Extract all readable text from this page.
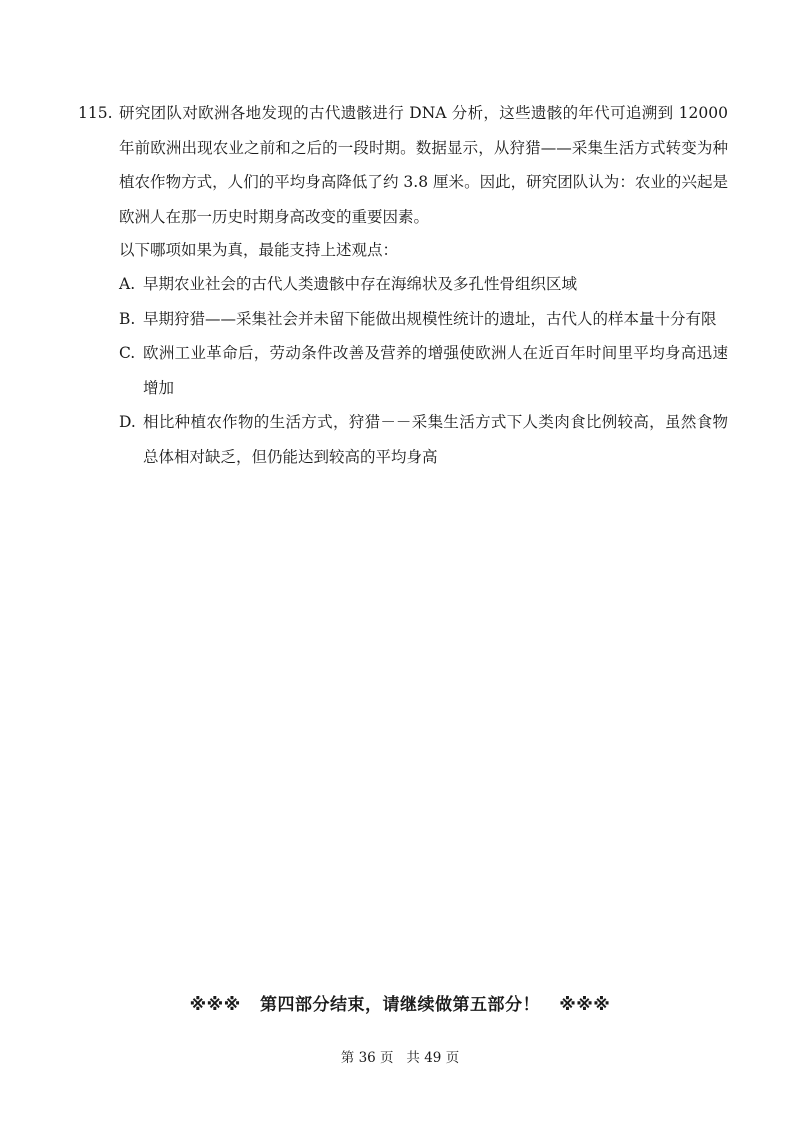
115. 研究团队对欧洲各地发现的古代遗骸进行 DNA 分析，这些遗骸的年代可追溯到 12000 年前欧洲出现农业之前和之后的一段时期。数据显示，从狩猎——采集生活方式转变为种植农作物方式，人们的平均身高降低了约 3.8 厘米。因此，研究团队认为：农业的兴起是欧洲人在那一历史时期身高改变的重要因素。
以下哪项如果为真，最能支持上述观点：
A. 早期农业社会的古代人类遗骸中存在海绵状及多孔性骨组织区域
B. 早期狩猎——采集社会并未留下能做出规模性统计的遗址，古代人的样本量十分有限
C. 欧洲工业革命后，劳动条件改善及营养的增强使欧洲人在近百年时间里平均身高迅速增加
D. 相比种植农作物的生活方式，狩猎－－采集生活方式下人类肉食比例较高，虽然食物总体相对缺乏，但仍能达到较高的平均身高
※※※   第四部分结束，请继续做第五部分！   ※※※
第 36 页   共 49 页
